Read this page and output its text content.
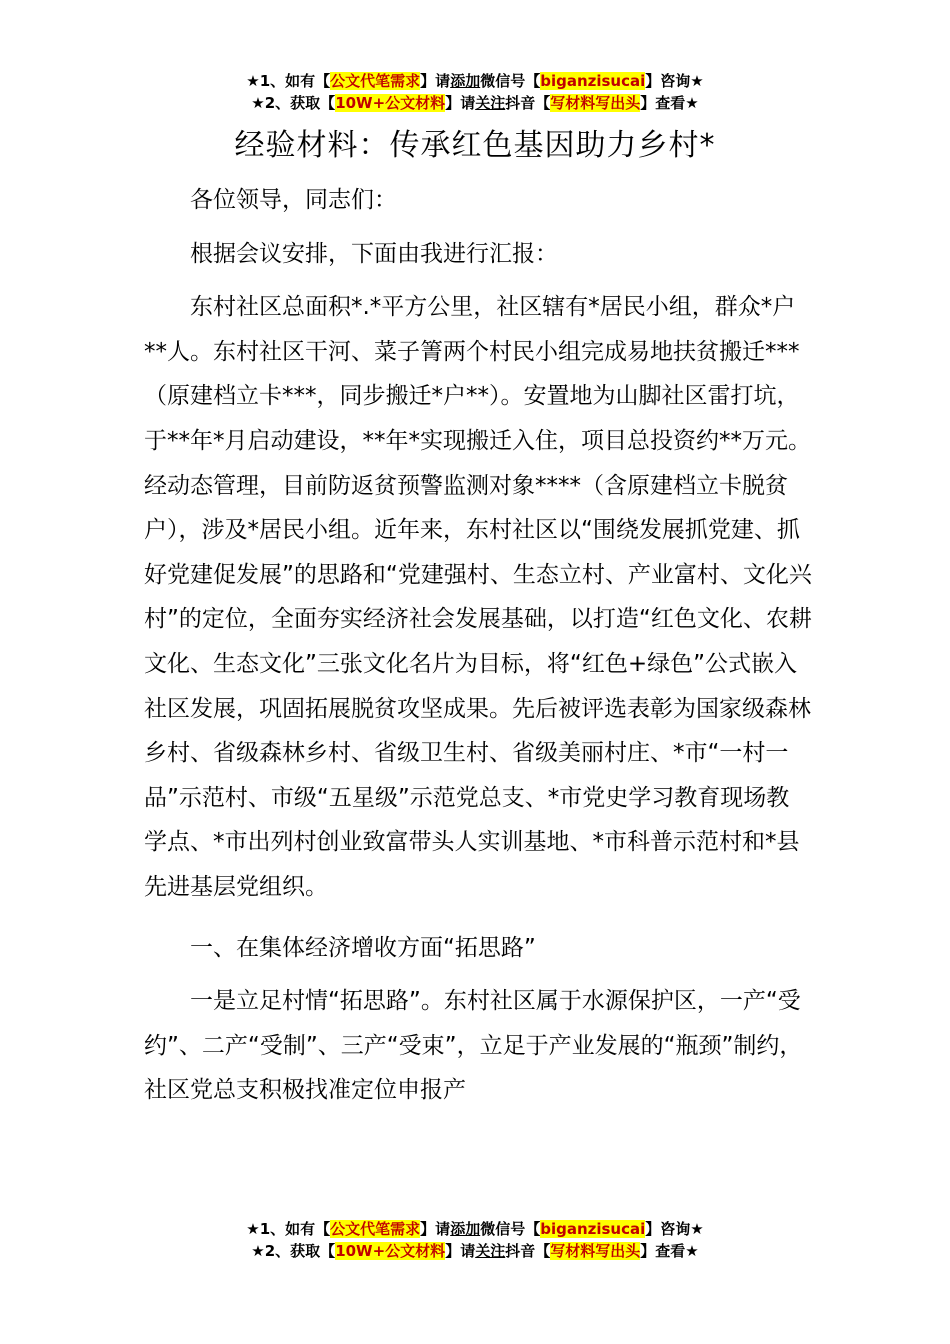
★1、如有【公文代笔需求】请添加微信号【biganzisucai】咨询★
★2、获取【10W+公文材料】请关注抖音【写材料写出头】查看★
经验材料：传承红色基因助力乡村*

各位领导，同志们：

根据会议安排，下面由我进行汇报：

东村社区总面积*.*平方公里，社区辖有*居民小组，群众*户**人。东村社区干河、菜子箐两个村民小组完成易地扶贫搬迁***（原建档立卡***，同步搬迁*户**）。安置地为山脚社区雷打坑，于**年*月启动建设，**年*实现搬迁入住，项目总投资约**万元。经动态管理，目前防返贫预警监测对象****（含原建档立卡脱贫户），涉及*居民小组。近年来，东村社区以“围绕发展抓党建、抓好党建促发展”的思路和“党建强村、生态立村、产业富村、文化兴村”的定位，全面夯实经济社会发展基础，以打造“红色文化、农耕文化、生态文化”三张文化名片为目标，将“红色+绿色”公式嵌入社区发展，巩固拓展脱贫攻坚成果。先后被评选表彰为国家级森林乡村、省级森林乡村、省级卫生村、省级美丽村庄、*市“一村一品”示范村、市级“五星级”示范党总支、*市党史学习教育现场教学点、*市出列村创业致富带头人实训基地、*市科普示范村和*县先进基层党组织。

一、在集体经济增收方面“拓思路”

一是立足村情“拓思路”。东村社区属于水源保护区，一产“受约”、二产“受制”、三产“受束”，立足于产业发展的“瓶颈”制约，社区党总支积极找准定位申报产

★1、如有【公文代笔需求】请添加微信号【biganzisucai】咨询★
★2、获取【10W+公文材料】请关注抖音【写材料写出头】查看★
